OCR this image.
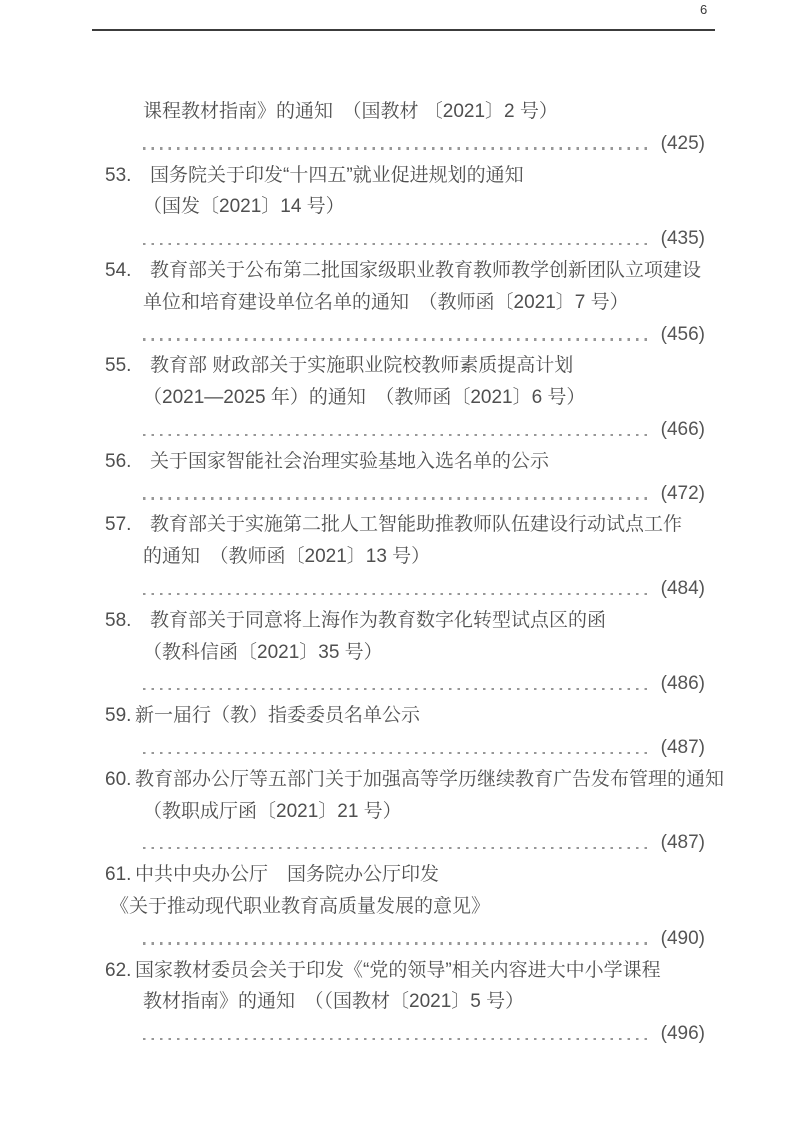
6
课程教材指南》的通知　（国教材 〔2021〕2 号）
(425)
53. 国务院关于印发“十四五”就业促进规划的通知
（国发〔2021〕14 号）
(435)
54. 教育部关于公布第二批国家级职业教育教师教学创新团队立项建设
单位和培育建设单位名单的通知　（教师函〔2021〕7 号）
(456)
55. 教育部 财政部关于实施职业院校教师素质提高计划
（2021—2025 年）的通知　（教师函〔2021〕6 号）
(466)
56. 关于国家智能社会治理实验基地入选名单的公示
(472)
57. 教育部关于实施第二批人工智能助推教师队伍建设行动试点工作
的通知　（教师函〔2021〕13 号）
(484)
58. 教育部关于同意将上海作为教育数字化转型试点区的函
（教科信函〔2021〕35 号）
(486)
59. 新一届行（教）指委委员名单公示
(487)
60. 教育部办公厅等五部门关于加强高等学历继续教育广告发布管理的通知
（教职成厅函〔2021〕21 号）
(487)
61. 中共中央办公厅　国务院办公厅印发
《关于推动现代职业教育高质量发展的意见》
(490)
62. 国家教材委员会关于印发《“党的领导”相关内容进大中小学课程
教材指南》的通知　（（国教材〔2021〕5 号）
(496)
